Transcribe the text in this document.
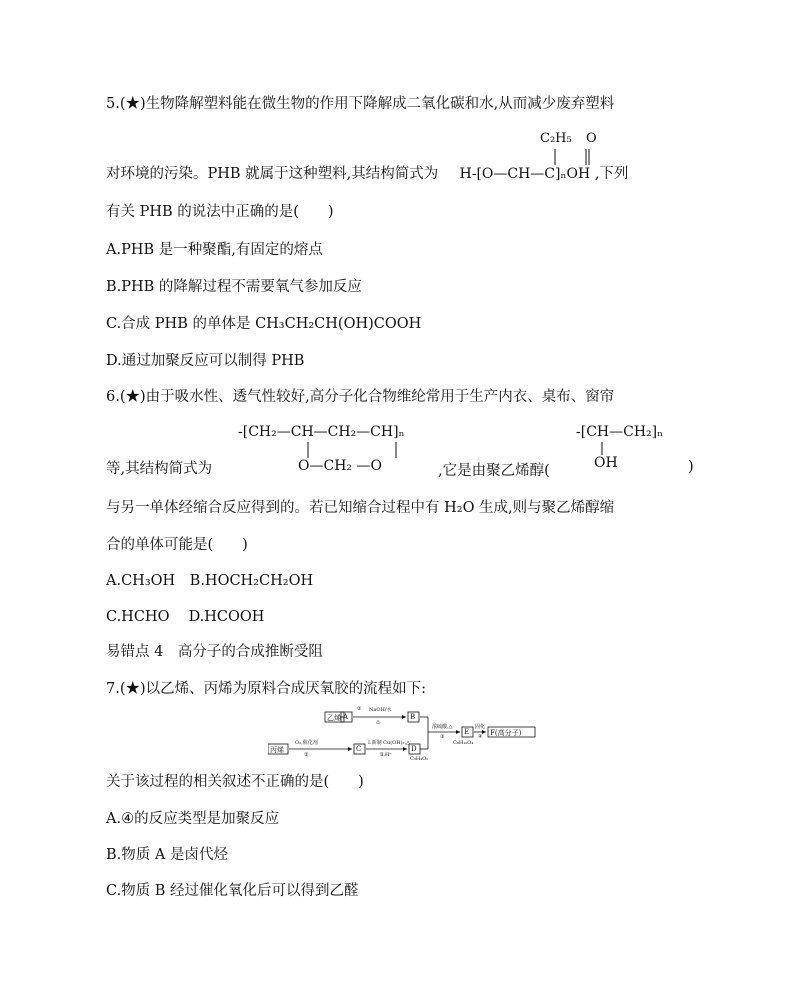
5.(★)生物降解塑料能在微生物的作用下降解成二氧化碳和水,从而减少废弃塑料
C₂H₅ O
对环境的污染。PHB 就属于这种塑料,其结构简式为 H-[O—CH—C]ₙOH ,下列
有关 PHB 的说法中正确的是(　　)
A.PHB 是一种聚酯,有固定的熔点
B.PHB 的降解过程不需要氧气参加反应
C.合成 PHB 的单体是 CH₃CH₂CH(OH)COOH
D.通过加聚反应可以制得 PHB
6.(★)由于吸水性、透气性较好,高分子化合物维纶常用于生产内衣、桌布、窗帘
-[CH₂—CH—CH₂—CH]ₙ
O—CH₂ —O
-[CH—CH₂]ₙ
等,其结构简式为	,它是由聚乙烯醇(	OH	)
与另一单体经缩合反应得到的。若已知缩合过程中有 H₂O 生成,则与聚乙烯醇缩
合的单体可能是(　　)
A.CH₃OH　B.HOCH₂CH₂OH
C.HCHO　 D.HCOOH
易错点 4　高分子的合成推断受阻
7.(★)以乙烯、丙烯为原料合成厌氧胶的流程如下:
乙烯 A	B
丙烯	C	D
E	F(高分子)
① NaOH/水
△
O₂,催化剂
②
Ⅰ.新制 Cu(OH)₂,△
Ⅱ.H⁺
C₃H₄O₂
浓硫酸,△
③
C₈H₁₀O₄
固化
④
关于该过程的相关叙述不正确的是(　　)
A.④的反应类型是加聚反应
B.物质 A 是卤代烃
C.物质 B 经过催化氧化后可以得到乙醛
